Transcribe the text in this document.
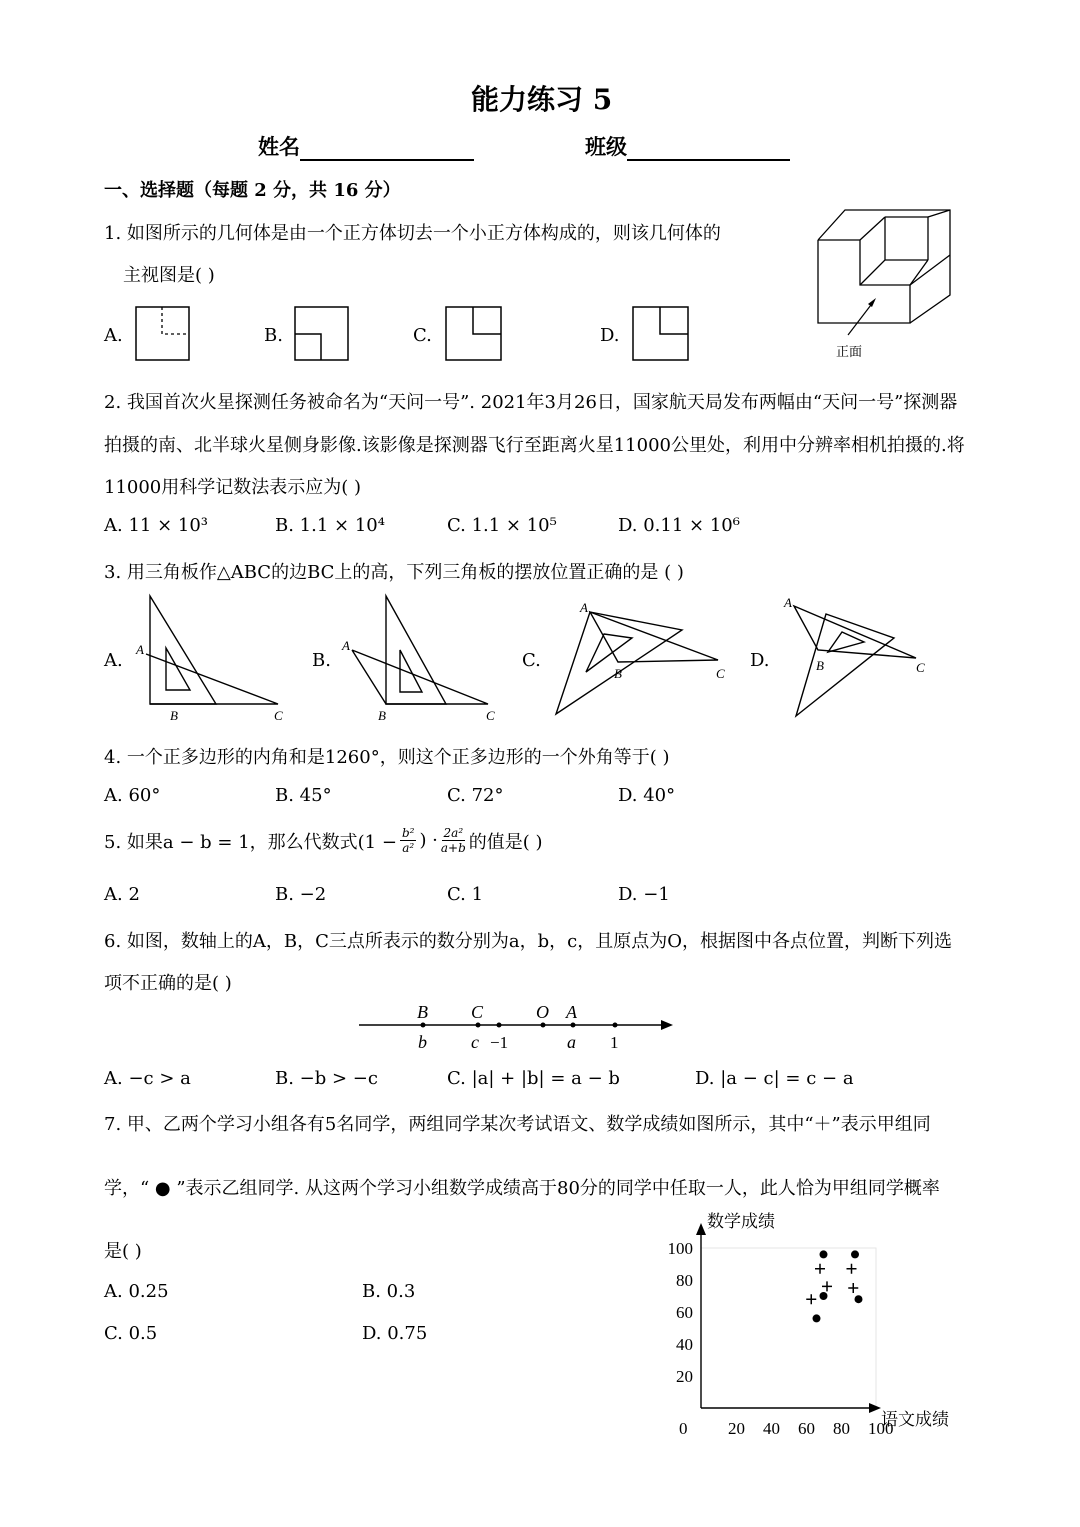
能力练习 5
姓名	班级
一、选择题（每题 2 分，共 16 分）
1. 如图所示的几何体是由一个正方体切去一个小正方体构成的，则该几何体的
主视图是( )
正面
A.	B.	C.	D.
2. 我国首次火星探测任务被命名为“天问一号”. 2021年3月26日，国家航天局发布两幅由“天问一号”探测器
拍摄的南、北半球火星侧身影像.该影像是探测器飞行至距离火星11000公里处，利用中分辨率相机拍摄的.将
11000用科学记数法表示应为( )
A. 11 × 10³	B. 1.1 × 10⁴	C. 1.1 × 10⁵	D. 0.11 × 10⁶
3. 用三角板作△ABC的边BC上的高，下列三角板的摆放位置正确的是 ( )
A.
A
B	C
B.
A
B	C
C.
A
B	C
D.
A
B	C
4. 一个正多边形的内角和是1260°，则这个正多边形的一个外角等于( )
A. 60°	B. 45°	C. 72°	D. 40°
5. 如果a − b = 1，那么代数式($1 - \frac{\text{b²}}{\text{a²}}$ ) · $\frac{\text{2a²}}{a+b}$ 的值是( )
A. 2	B. −2	C. 1	D. −1
6. 如图，数轴上的A，B，C三点所表示的数分别为a，b，c，且原点为O，根据图中各点位置，判断下列选
项不正确的是( )
B C	O A
b c	a
−1	1
A. −c > a	B. −b > −c	C. |a| + |b| = a − b	D. |a − c| = c − a
7. 甲、乙两个学习小组各有5名同学，两组同学某次考试语文、数学成绩如图所示，其中“＋”表示甲组同
学，“ ● ”表示乙组同学. 从这两个学习小组数学成绩高于80分的同学中任取一人，此人恰为甲组同学概率
是( )
A. 0.25	B. 0.3
C. 0.5	D. 0.75
数学成绩
语文成绩
0 20 40 60 80 100
20
40
60
80
100
